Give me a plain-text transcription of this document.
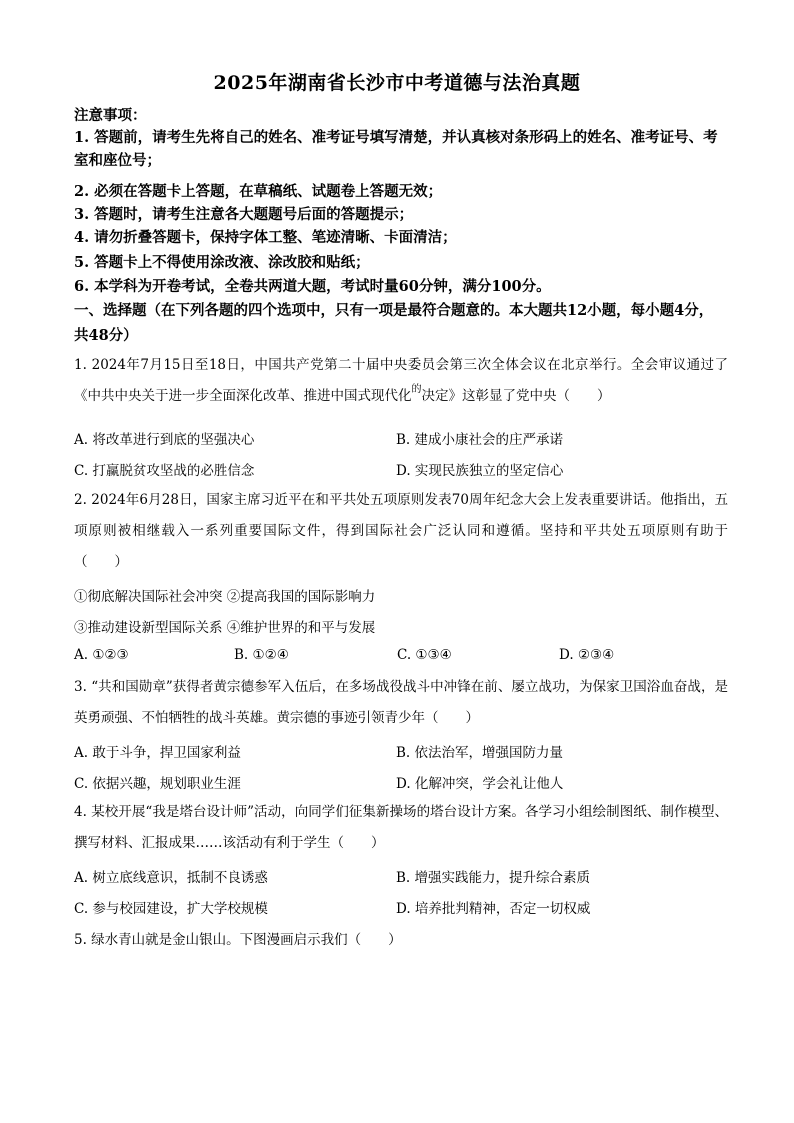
2025年湖南省长沙市中考道德与法治真题
注意事项：
1. 答题前，请考生先将自己的姓名、准考证号填写清楚，并认真核对条形码上的姓名、准考证号、考室和座位号；
2. 必须在答题卡上答题，在草稿纸、试题卷上答题无效；
3. 答题时，请考生注意各大题题号后面的答题提示；
4. 请勿折叠答题卡，保持字体工整、笔迹清晰、卡面清洁；
5. 答题卡上不得使用涂改液、涂改胶和贴纸；
6. 本学科为开卷考试，全卷共两道大题，考试时量60分钟，满分100分。
一、选择题（在下列各题的四个选项中，只有一项是最符合题意的。本大题共12小题，每小题4分，共48分）
1. 2024年7月15日至18日，中国共产党第二十届中央委员会第三次全体会议在北京举行。全会审议通过了《中共中央关于进一步全面深化改革、推进中国式现代化$^的$决定》这彰显了党中央（　　）
A. 将改革进行到底的坚强决心	B. 建成小康社会的庄严承诺
C. 打赢脱贫攻坚战的必胜信念	D. 实现民族独立的坚定信心
2. 2024年6月28日，国家主席习近平在和平共处五项原则发表70周年纪念大会上发表重要讲话。他指出，五项原则被相继载入一系列重要国际文件，得到国际社会广泛认同和遵循。坚持和平共处五项原则有助于（　　）
①彻底解决国际社会冲突 ②提高我国的国际影响力
③推动建设新型国际关系 ④维护世界的和平与发展
A. ①②③	B. ①②④	C. ①③④	D. ②③④
3. “共和国勋章”获得者黄宗德参军入伍后，在多场战役战斗中冲锋在前、屡立战功，为保家卫国浴血奋战，是英勇顽强、不怕牺牲的战斗英雄。黄宗德的事迹引领青少年（　　）
A. 敢于斗争，捍卫国家利益	B. 依法治军，增强国防力量
C. 依据兴趣，规划职业生涯	D. 化解冲突，学会礼让他人
4. 某校开展“我是塔台设计师”活动，向同学们征集新操场的塔台设计方案。各学习小组绘制图纸、制作模型、撰写材料、汇报成果……该活动有利于学生（　　）
A. 树立底线意识，抵制不良诱惑	B. 增强实践能力，提升综合素质
C. 参与校园建设，扩大学校规模	D. 培养批判精神，否定一切权威
5. 绿水青山就是金山银山。下图漫画启示我们（　　）
